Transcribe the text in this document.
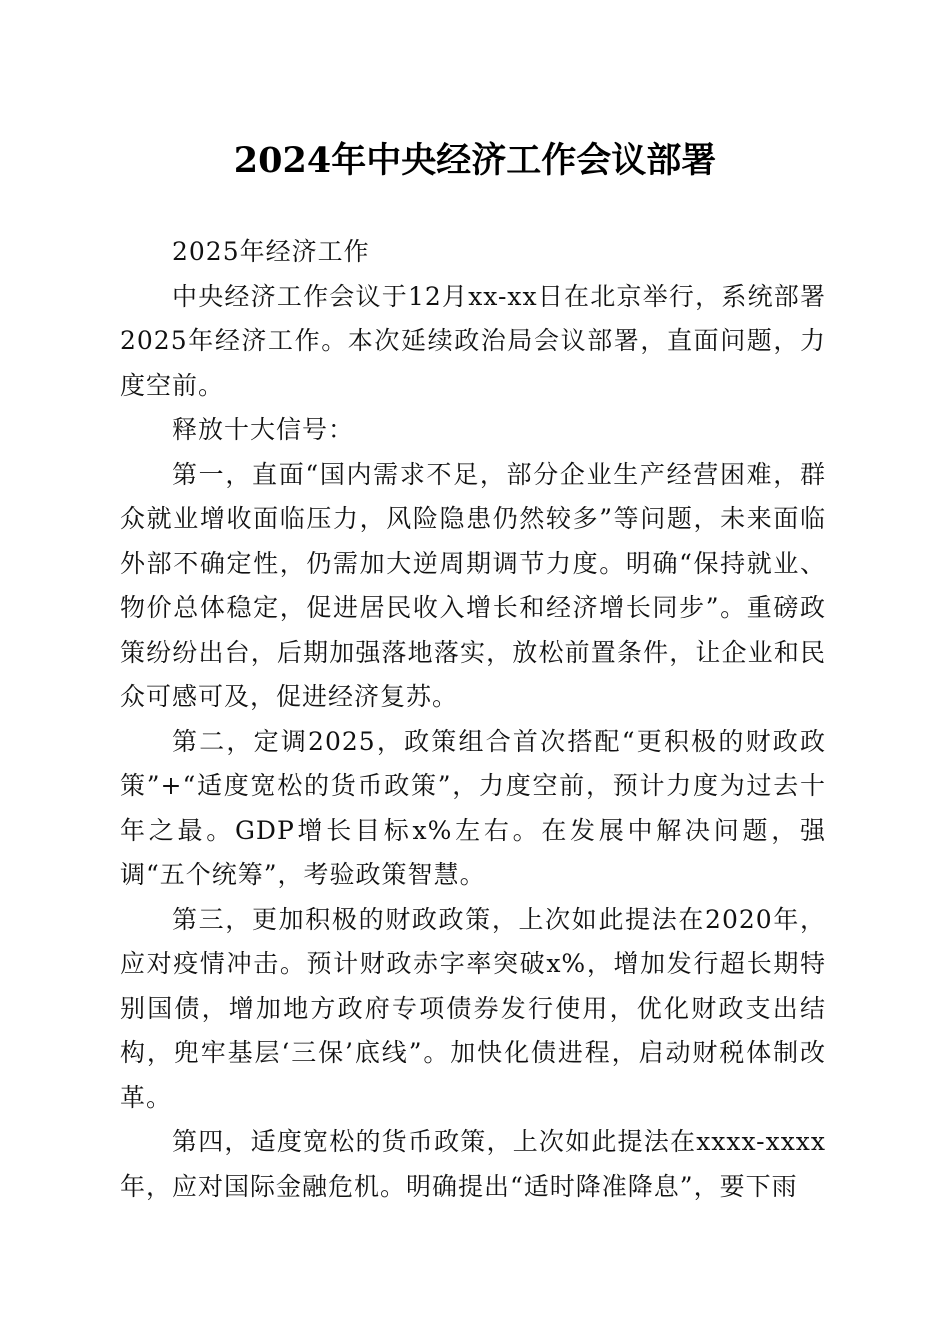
2024年中央经济工作会议部署

2025年经济工作

中央经济工作会议于12月xx-xx日在北京举行，系统部署2025年经济工作。本次延续政治局会议部署，直面问题，力度空前。

释放十大信号：

第一，直面“国内需求不足，部分企业生产经营困难，群众就业增收面临压力，风险隐患仍然较多”等问题，未来面临外部不确定性，仍需加大逆周期调节力度。明确“保持就业、物价总体稳定，促进居民收入增长和经济增长同步”。重磅政策纷纷出台，后期加强落地落实，放松前置条件，让企业和民众可感可及，促进经济复苏。

第二，定调2025，政策组合首次搭配“更积极的财政政策”+“适度宽松的货币政策”，力度空前，预计力度为过去十年之最。GDP增长目标x%左右。在发展中解决问题，强调“五个统筹”，考验政策智慧。

第三，更加积极的财政政策，上次如此提法在2020年，应对疫情冲击。预计财政赤字率突破x%，增加发行超长期特别国债，增加地方政府专项债券发行使用，优化财政支出结构，兜牢基层‘三保’底线”。加快化债进程，启动财税体制改革。

第四，适度宽松的货币政策，上次如此提法在xxxx-xxxx年，应对国际金融危机。明确提出“适时降准降息”，要下雨
